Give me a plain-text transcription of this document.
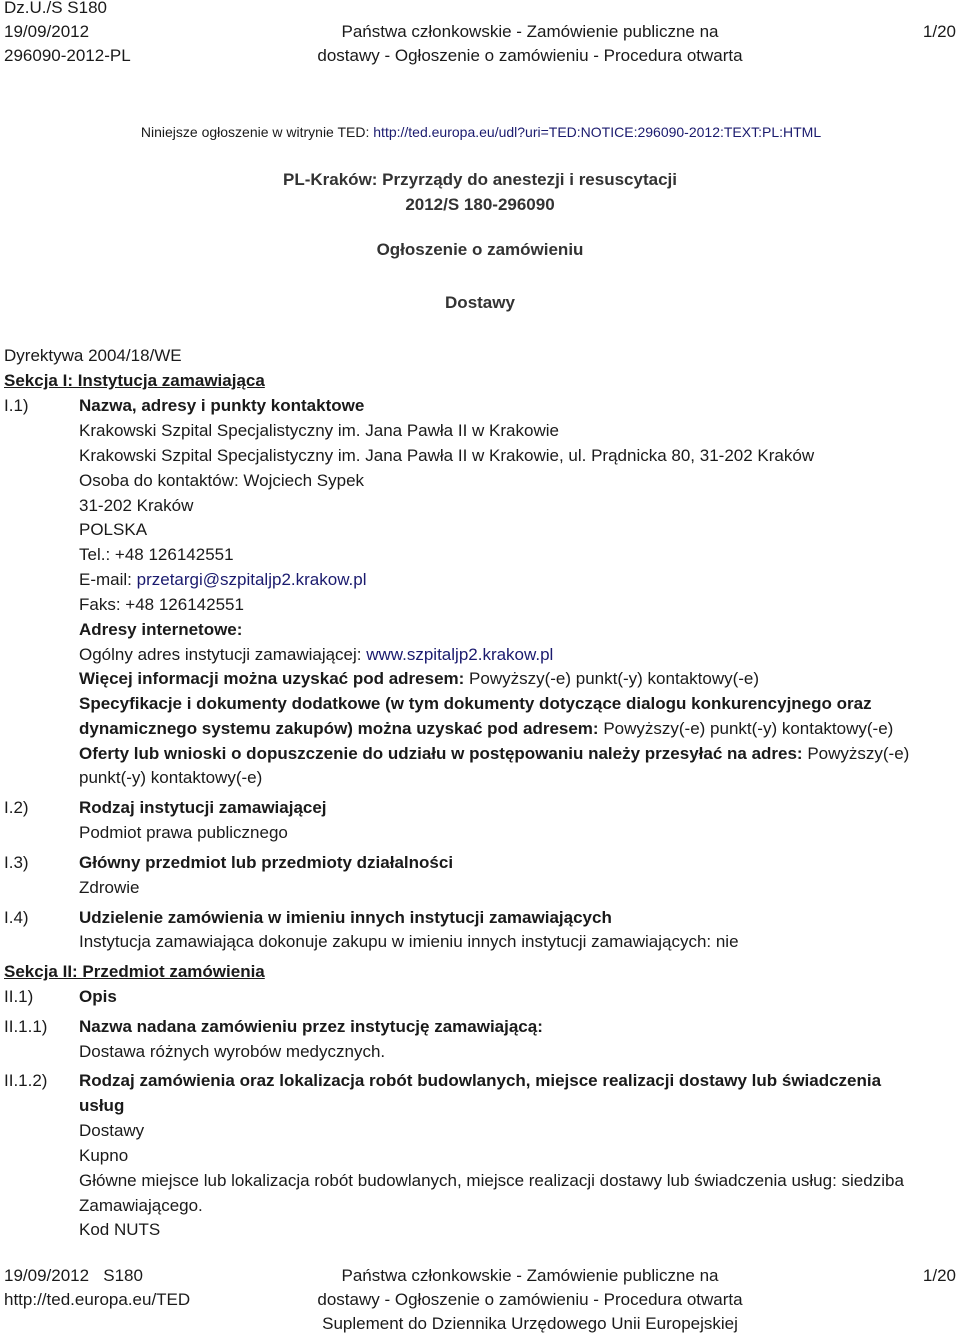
Dz.U./S S180
19/09/2012
296090-2012-PL
Państwa członkowskie - Zamówienie publiczne na
dostawy - Ogłoszenie o zamówieniu - Procedura otwarta
1/20
Niniejsze ogłoszenie w witrynie TED: http://ted.europa.eu/udl?uri=TED:NOTICE:296090-2012:TEXT:PL:HTML
PL-Kraków: Przyrządy do anestezji i resuscytacji
2012/S 180-296090
Ogłoszenie o zamówieniu
Dostawy
Dyrektywa 2004/18/WE
Sekcja I: Instytucja zamawiająca
I.1)	Nazwa, adresy i punkty kontaktowe
Krakowski Szpital Specjalistyczny im. Jana Pawła II w Krakowie
Krakowski Szpital Specjalistyczny im. Jana Pawła II w Krakowie, ul. Prądnicka 80, 31-202 Kraków
Osoba do kontaktów: Wojciech Sypek
31-202 Kraków
POLSKA
Tel.: +48 126142551
E-mail: przetargi@szpitaljp2.krakow.pl
Faks: +48 126142551
Adresy internetowe:
Ogólny adres instytucji zamawiającej: www.szpitaljp2.krakow.pl
Więcej informacji można uzyskać pod adresem: Powyższy(-e) punkt(-y) kontaktowy(-e)
Specyfikacje i dokumenty dodatkowe (w tym dokumenty dotyczące dialogu konkurencyjnego oraz
dynamicznego systemu zakupów) można uzyskać pod adresem: Powyższy(-e) punkt(-y) kontaktowy(-e)
Oferty lub wnioski o dopuszczenie do udziału w postępowaniu należy przesyłać na adres: Powyższy(-e)
punkt(-y) kontaktowy(-e)
I.2)	Rodzaj instytucji zamawiającej
Podmiot prawa publicznego
I.3)	Główny przedmiot lub przedmioty działalności
Zdrowie
I.4)	Udzielenie zamówienia w imieniu innych instytucji zamawiających
Instytucja zamawiająca dokonuje zakupu w imieniu innych instytucji zamawiających: nie
Sekcja II: Przedmiot zamówienia
II.1)	Opis
II.1.1) Nazwa nadana zamówieniu przez instytucję zamawiającą:
Dostawa różnych wyrobów medycznych.
II.1.2) Rodzaj zamówienia oraz lokalizacja robót budowlanych, miejsce realizacji dostawy lub świadczenia
usług
Dostawy
Kupno
Główne miejsce lub lokalizacja robót budowlanych, miejsce realizacji dostawy lub świadczenia usług: siedziba
Zamawiającego.
Kod NUTS
19/09/2012 S180
http://ted.europa.eu/TED
Państwa członkowskie - Zamówienie publiczne na
dostawy - Ogłoszenie o zamówieniu - Procedura otwarta
Suplement do Dziennika Urzędowego Unii Europejskiej
1/20
